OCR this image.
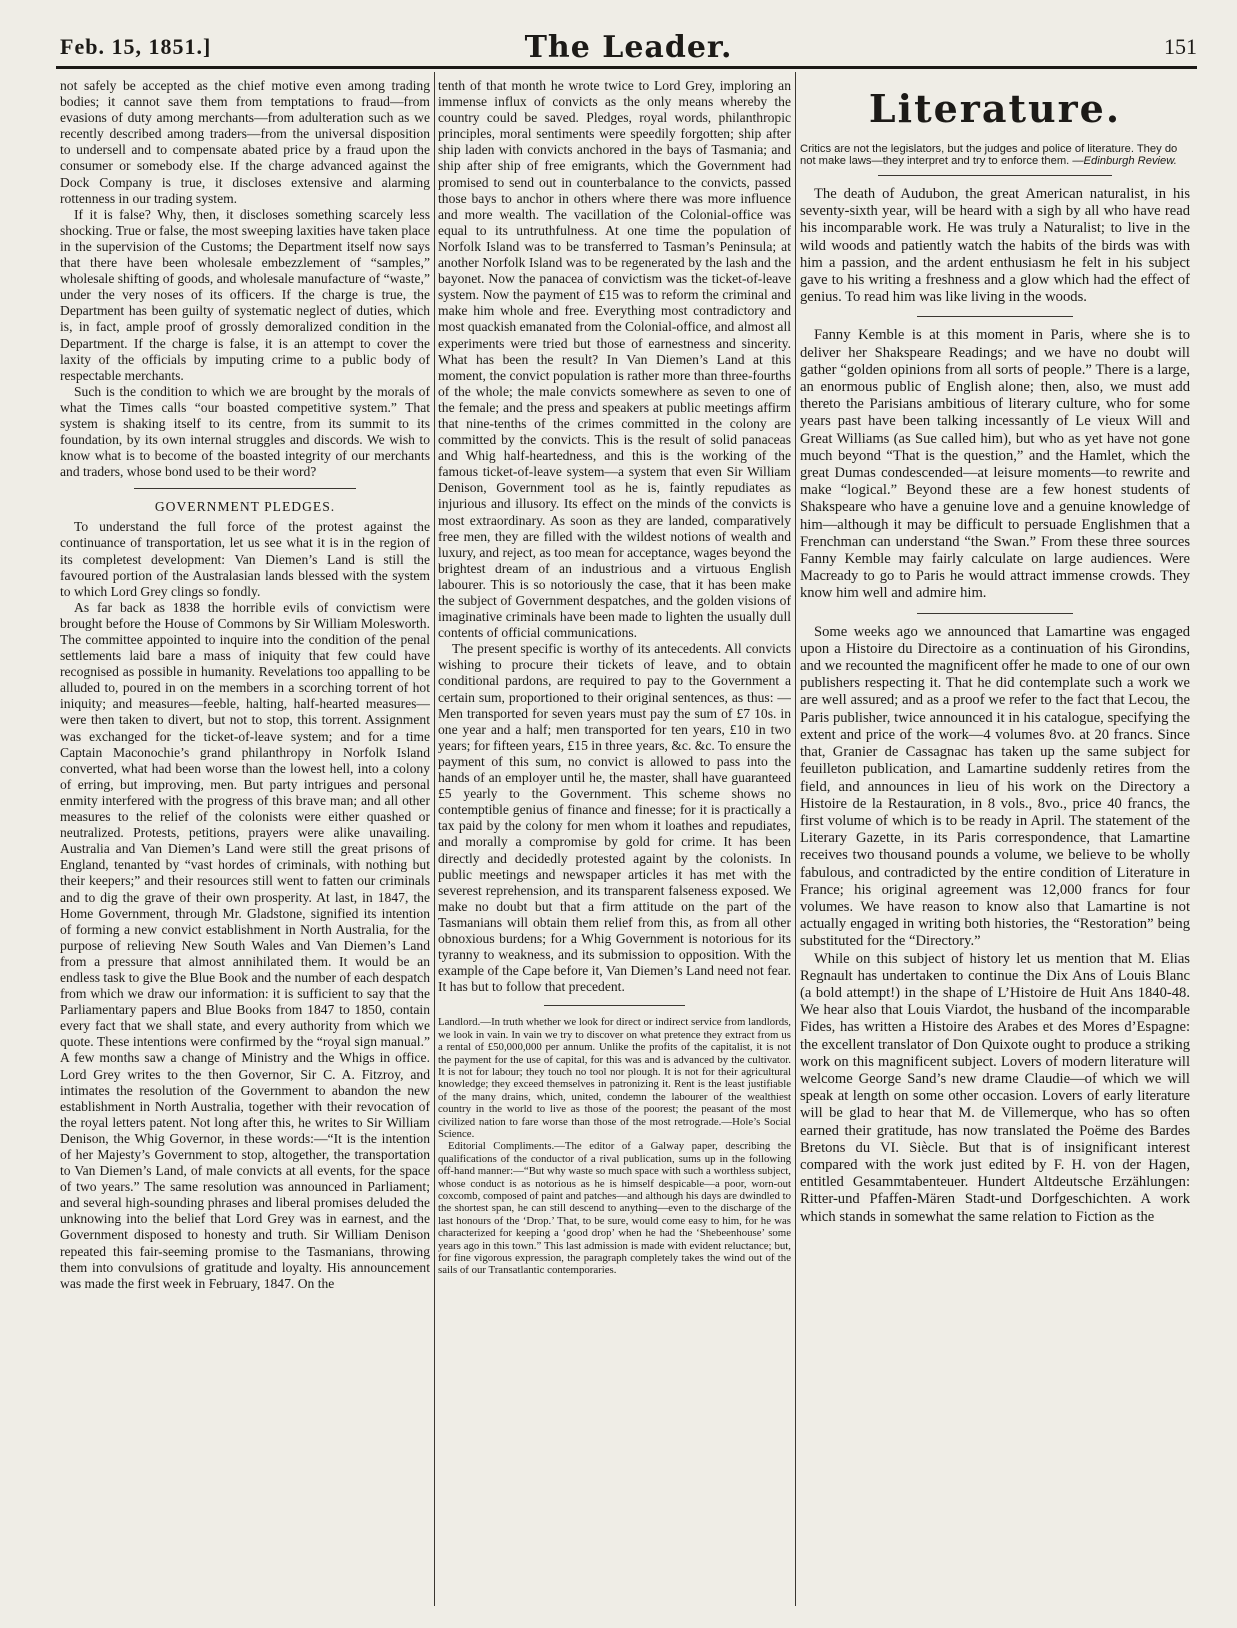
Feb. 15, 1851.]	The Leader.	151

not safely be accepted as the chief motive even among trading bodies; it cannot save them from temptations to fraud—from evasions of duty among merchants—from adulteration such as we recently described among traders—from the universal disposition to undersell and to compensate abated price by a fraud upon the consumer or somebody else. If the charge advanced against the Dock Company is true, it discloses extensive and alarming rottenness in our trading system.

If it is false? Why, then, it discloses something scarcely less shocking. True or false, the most sweeping laxities have taken place in the supervision of the Customs; the Department itself now says that there have been wholesale embezzlement of “samples,” wholesale shifting of goods, and wholesale manufacture of “waste,” under the very noses of its officers. If the charge is true, the Department has been guilty of systematic neglect of duties, which is, in fact, ample proof of grossly demoralized condition in the Department. If the charge is false, it is an attempt to cover the laxity of the officials by imputing crime to a public body of respectable merchants.

Such is the condition to which we are brought by the morals of what the Times calls “our boasted competitive system.” That system is shaking itself to its centre, from its summit to its foundation, by its own internal struggles and discords. We wish to know what is to become of the boasted integrity of our merchants and traders, whose bond used to be their word?

GOVERNMENT PLEDGES.

To understand the full force of the protest against the continuance of transportation, let us see what it is in the region of its completest development: Van Diemen’s Land is still the favoured portion of the Australasian lands blessed with the system to which Lord Grey clings so fondly.

As far back as 1838 the horrible evils of convictism were brought before the House of Commons by Sir William Molesworth. The committee appointed to inquire into the condition of the penal settlements laid bare a mass of iniquity that few could have recognised as possible in humanity. Revelations too appalling to be alluded to, poured in on the members in a scorching torrent of hot iniquity; and measures—feeble, halting, half-hearted measures—were then taken to divert, but not to stop, this torrent. Assignment was exchanged for the ticket-of-leave system; and for a time Captain Maconochie’s grand philanthropy in Norfolk Island converted, what had been worse than the lowest hell, into a colony of erring, but improving, men. But party intrigues and personal enmity interfered with the progress of this brave man; and all other measures to the relief of the colonists were either quashed or neutralized. Protests, petitions, prayers were alike unavailing. Australia and Van Diemen’s Land were still the great prisons of England, tenanted by “vast hordes of criminals, with nothing but their keepers;” and their resources still went to fatten our criminals and to dig the grave of their own prosperity. At last, in 1847, the Home Government, through Mr. Gladstone, signified its intention of forming a new convict establishment in North Australia, for the purpose of relieving New South Wales and Van Diemen’s Land from a pressure that almost annihilated them. It would be an endless task to give the Blue Book and the number of each despatch from which we draw our information: it is sufficient to say that the Parliamentary papers and Blue Books from 1847 to 1850, contain every fact that we shall state, and every authority from which we quote. These intentions were confirmed by the “royal sign manual.” A few months saw a change of Ministry and the Whigs in office. Lord Grey writes to the then Governor, Sir C. A. Fitzroy, and intimates the resolution of the Government to abandon the new establishment in North Australia, together with their revocation of the royal letters patent. Not long after this, he writes to Sir William Denison, the Whig Governor, in these words:—“It is the intention of her Majesty’s Government to stop, altogether, the transportation to Van Diemen’s Land, of male convicts at all events, for the space of two years.” The same resolution was announced in Parliament; and several high-sounding phrases and liberal promises deluded the unknowing into the belief that Lord Grey was in earnest, and the Government disposed to honesty and truth. Sir William Denison repeated this fair-seeming promise to the Tasmanians, throwing them into convulsions of gratitude and loyalty. His announcement was made the first week in February, 1847. On the

tenth of that month he wrote twice to Lord Grey, imploring an immense influx of convicts as the only means whereby the country could be saved. Pledges, royal words, philanthropic principles, moral sentiments were speedily forgotten; ship after ship laden with convicts anchored in the bays of Tasmania; and ship after ship of free emigrants, which the Government had promised to send out in counterbalance to the convicts, passed those bays to anchor in others where there was more influence and more wealth. The vacillation of the Colonial-office was equal to its untruthfulness. At one time the population of Norfolk Island was to be transferred to Tasman’s Peninsula; at another Norfolk Island was to be regenerated by the lash and the bayonet. Now the panacea of convictism was the ticket-of-leave system. Now the payment of £15 was to reform the criminal and make him whole and free. Everything most contradictory and most quackish emanated from the Colonial-office, and almost all experiments were tried but those of earnestness and sincerity. What has been the result? In Van Diemen’s Land at this moment, the convict population is rather more than three-fourths of the whole; the male convicts somewhere as seven to one of the female; and the press and speakers at public meetings affirm that nine-tenths of the crimes committed in the colony are committed by the convicts. This is the result of solid panaceas and Whig half-heartedness, and this is the working of the famous ticket-of-leave system—a system that even Sir William Denison, Government tool as he is, faintly repudiates as injurious and illusory. Its effect on the minds of the convicts is most extraordinary. As soon as they are landed, comparatively free men, they are filled with the wildest notions of wealth and luxury, and reject, as too mean for acceptance, wages beyond the brightest dream of an industrious and a virtuous English labourer. This is so notoriously the case, that it has been make the subject of Government despatches, and the golden visions of imaginative criminals have been made to lighten the usually dull contents of official communications.

The present specific is worthy of its antecedents. All convicts wishing to procure their tickets of leave, and to obtain conditional pardons, are required to pay to the Government a certain sum, proportioned to their original sentences, as thus: —Men transported for seven years must pay the sum of £7 10s. in one year and a half; men transported for ten years, £10 in two years; for fifteen years, £15 in three years, &c. &c. To ensure the payment of this sum, no convict is allowed to pass into the hands of an employer until he, the master, shall have guaranteed £5 yearly to the Government. This scheme shows no contemptible genius of finance and finesse; for it is practically a tax paid by the colony for men whom it loathes and repudiates, and morally a compromise by gold for crime. It has been directly and decidedly protested againt by the colonists. In public meetings and newspaper articles it has met with the severest reprehension, and its transparent falseness exposed. We make no doubt but that a firm attitude on the part of the Tasmanians will obtain them relief from this, as from all other obnoxious burdens; for a Whig Government is notorious for its tyranny to weakness, and its submission to opposition. With the example of the Cape before it, Van Diemen’s Land need not fear. It has but to follow that precedent.

Landlord.—In truth whether we look for direct or indirect service from landlords, we look in vain. In vain we try to discover on what pretence they extract from us a rental of £50,000,000 per annum. Unlike the profits of the capitalist, it is not the payment for the use of capital, for this was and is advanced by the cultivator. It is not for labour; they touch no tool nor plough. It is not for their agricultural knowledge; they exceed themselves in patronizing it. Rent is the least justifiable of the many drains, which, united, condemn the labourer of the wealthiest country in the world to live as those of the poorest; the peasant of the most civilized nation to fare worse than those of the most retrograde.—Hole’s Social Science.

Editorial Compliments.—The editor of a Galway paper, describing the qualifications of the conductor of a rival publication, sums up in the following off-hand manner:—“But why waste so much space with such a worthless subject, whose conduct is as notorious as he is himself despicable—a poor, worn-out coxcomb, composed of paint and patches—and although his days are dwindled to the shortest span, he can still descend to anything—even to the discharge of the last honours of the ‘Drop.’ That, to be sure, would come easy to him, for he was characterized for keeping a ‘good drop’ when he had the ‘Shebeenhouse’ some years ago in this town.” This last admission is made with evident reluctance; but, for fine vigorous expression, the paragraph completely takes the wind out of the sails of our Transatlantic contemporaries.

Literature.
Critics are not the legislators, but the judges and police of literature. They do not make laws—they interpret and try to enforce them. —Edinburgh Review.

The death of Audubon, the great American naturalist, in his seventy-sixth year, will be heard with a sigh by all who have read his incomparable work. He was truly a Naturalist; to live in the wild woods and patiently watch the habits of the birds was with him a passion, and the ardent enthusiasm he felt in his subject gave to his writing a freshness and a glow which had the effect of genius. To read him was like living in the woods.

Fanny Kemble is at this moment in Paris, where she is to deliver her Shakspeare Readings; and we have no doubt will gather “golden opinions from all sorts of people.” There is a large, an enormous public of English alone; then, also, we must add thereto the Parisians ambitious of literary culture, who for some years past have been talking incessantly of Le vieux Will and Great Williams (as Sue called him), but who as yet have not gone much beyond “That is the question,” and the Hamlet, which the great Dumas condescended—at leisure moments—to rewrite and make “logical.” Beyond these are a few honest students of Shakspeare who have a genuine love and a genuine knowledge of him—although it may be difficult to persuade Englishmen that a Frenchman can understand “the Swan.” From these three sources Fanny Kemble may fairly calculate on large audiences. Were Macready to go to Paris he would attract immense crowds. They know him well and admire him.

Some weeks ago we announced that Lamartine was engaged upon a Histoire du Directoire as a continuation of his Girondins, and we recounted the magnificent offer he made to one of our own publishers respecting it. That he did contemplate such a work we are well assured; and as a proof we refer to the fact that Lecou, the Paris publisher, twice announced it in his catalogue, specifying the extent and price of the work—4 volumes 8vo. at 20 francs. Since that, Granier de Cassagnac has taken up the same subject for feuilleton publication, and Lamartine suddenly retires from the field, and announces in lieu of his work on the Directory a Histoire de la Restauration, in 8 vols., 8vo., price 40 francs, the first volume of which is to be ready in April. The statement of the Literary Gazette, in its Paris correspondence, that Lamartine receives two thousand pounds a volume, we believe to be wholly fabulous, and contradicted by the entire condition of Literature in France; his original agreement was 12,000 francs for four volumes. We have reason to know also that Lamartine is not actually engaged in writing both histories, the “Restoration” being substituted for the “Directory.”

While on this subject of history let us mention that M. Elias Regnault has undertaken to continue the Dix Ans of Louis Blanc (a bold attempt!) in the shape of L’Histoire de Huit Ans 1840-48. We hear also that Louis Viardot, the husband of the incomparable Fides, has written a Histoire des Arabes et des Mores d’Espagne: the excellent translator of Don Quixote ought to produce a striking work on this magnificent subject. Lovers of modern literature will welcome George Sand’s new drame Claudie—of which we will speak at length on some other occasion. Lovers of early literature will be glad to hear that M. de Villemerque, who has so often earned their gratitude, has now translated the Poëme des Bardes Bretons du VI. Siècle. But that is of insignificant interest compared with the work just edited by F. H. von der Hagen, entitled Gesammtabenteuer. Hundert Altdeutsche Erzählungen: Ritter-und Pfaffen-Mären Stadt-und Dorfgeschichten. A work which stands in somewhat the same relation to Fiction as the
